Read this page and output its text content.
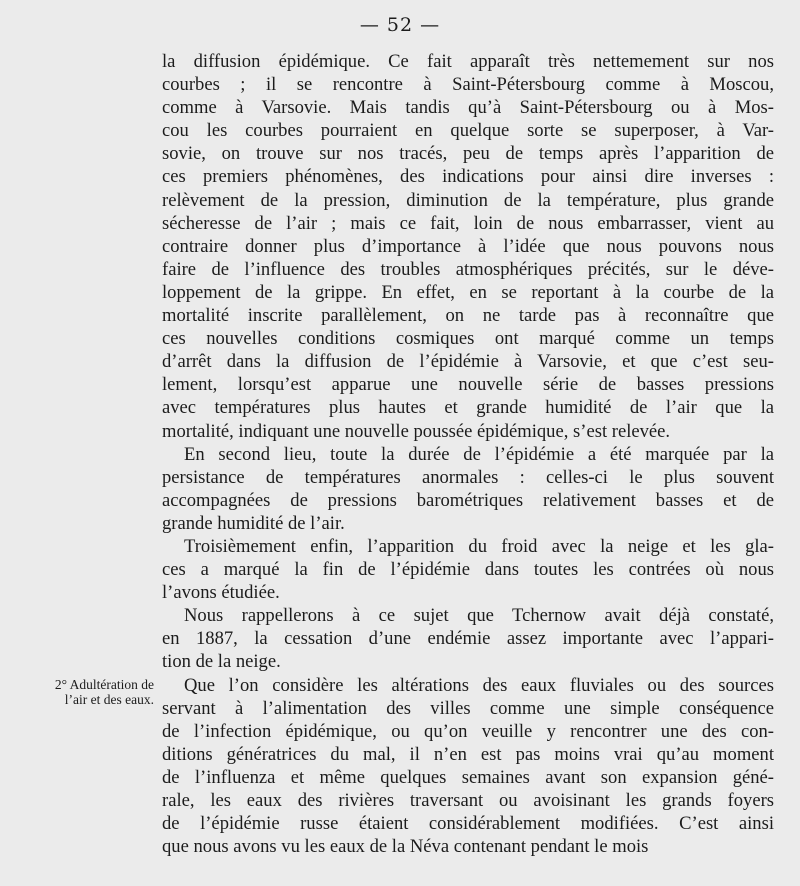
— 52 —
2° Adultération de
l’air et des eaux.
la diffusion épidémique. Ce fait apparaît très nettemement sur nos
courbes ; il se rencontre à Saint-Pétersbourg comme à Moscou,
comme à Varsovie. Mais tandis qu’à Saint-Pétersbourg ou à Mos-
cou les courbes pourraient en quelque sorte se superposer, à Var-
sovie, on trouve sur nos tracés, peu de temps après l’apparition de
ces premiers phénomènes, des indications pour ainsi dire inverses :
relèvement de la pression, diminution de la température, plus grande
sécheresse de l’air ; mais ce fait, loin de nous embarrasser, vient au
contraire donner plus d’importance à l’idée que nous pouvons nous
faire de l’influence des troubles atmosphériques précités, sur le déve-
loppement de la grippe. En effet, en se reportant à la courbe de la
mortalité inscrite parallèlement, on ne tarde pas à reconnaître que
ces nouvelles conditions cosmiques ont marqué comme un temps
d’arrêt dans la diffusion de l’épidémie à Varsovie, et que c’est seu-
lement, lorsqu’est apparue une nouvelle série de basses pressions
avec températures plus hautes et grande humidité de l’air que la
mortalité, indiquant une nouvelle poussée épidémique, s’est relevée.
En second lieu, toute la durée de l’épidémie a été marquée par la
persistance de températures anormales : celles-ci le plus souvent
accompagnées de pressions barométriques relativement basses et de
grande humidité de l’air.
Troisièmement enfin, l’apparition du froid avec la neige et les gla-
ces a marqué la fin de l’épidémie dans toutes les contrées où nous
l’avons étudiée.
Nous rappellerons à ce sujet que Tchernow avait déjà constaté,
en 1887, la cessation d’une endémie assez importante avec l’appari-
tion de la neige.
Que l’on considère les altérations des eaux fluviales ou des sources
servant à l’alimentation des villes comme une simple conséquence
de l’infection épidémique, ou qu’on veuille y rencontrer une des con-
ditions génératrices du mal, il n’en est pas moins vrai qu’au moment
de l’influenza et même quelques semaines avant son expansion géné-
rale, les eaux des rivières traversant ou avoisinant les grands foyers
de l’épidémie russe étaient considérablement modifiées. C’est ainsi
que nous avons vu les eaux de la Néva contenant pendant le mois
